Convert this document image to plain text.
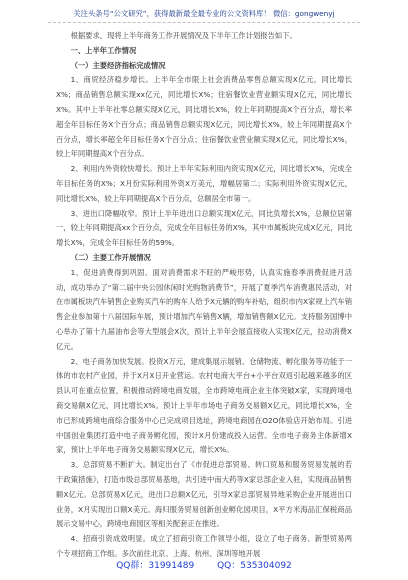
关注头条号“公文研究”，获得最新最全最专业的公文资料库！ 微信：gongwenyj

根据要求，现将上半年商务工作开展情况及下半年工作计划报告如下。

一、上半年工作情况

（一）主要经济指标完成情况

1、商贸经济稳步增长。上半年全市限上社会消费品零售总额实现X亿元，同比增长X%；商品销售总额实现xx亿元，同比增长X%；住宿餐饮业营业额实现X亿元，同比增长X%。其中上半年社零总额实现X亿元，同比增长X%，较上年同期提高X个百分点，增长率超全年目标任务X个百分点；商品销售总额实现X亿元，同比增长X%，较上年同期提高X个百分点，增长率超全年目标任务X个百分点；住宿餐饮业营业额实现X亿元，同比增长X%，较上年同期提高X个百分点。

2、利用内外资较快增长。预计上半年实际利用内资实现X亿元，同比增长X%，完成全年目标任务的X%；X月份实际利用外资X万美元，增幅居第二；实际利用外资实现X亿元，同比增长X%，较上年同期提高X个百分点，总额居全市第一。

3、进出口降幅收窄。预计上半年进出口总额实现X亿元，同比负增长X%，总额位居第一，较上年同期提高xx个百分点，完成全年目标任务的X%，其中市属板块完成X亿元，同比增长X%，完成全年目标任务的59%。

（二）主要工作开展情况

1、促进消费得到巩固。面对消费需求不旺的严峻形势，认真实施春季消费促进月活动，成功举办了“第二届中央公园休闲时光购物消费节”，开展了夏季汽车消费惠民活动，对在市属板块汽车销售企业购买汽车的购车人给予X元辆的购车补贴，组织市内X家规上汽车销售企业参加第十八届国际车展，预计增加汽车销售X辆，增加销售额X亿元。支持服务国博中心举办了第十九届油布会等大型展会X次，预计上半年会展直接收入实现X亿元，拉动消费X亿元。

2、电子商务加快发展。投资X万元，建成集展示展销、仓储物流、孵化服务等功能于一体的市农村产业园，并于X月X日开业营运。农村电商大平台+小平台双返引起越来越多的区县认可在重点位置，积极推动跨境电商发展，全市跨境电商企业主体突破X家，实现跨境电商交易额X亿元，同比增长X%。预计上半年市场电子商务交易额X亿元，同比增长X%，全市已形成跨境电商综合服务中心已完成项目选址，跨境电商园在O2O体验店开始布局。引进中国创业集团打造中电子商务孵化园，预计X月份建成投入运营。全市电子商务主体新增X家，预计上半年电子商务交易额实现X亿元，增长X%。

3、总部贸易不断扩大。制定出台了《市促进总部贸易、转口贸易和服务贸易发展的若干政策措施》，打造市级总部贸易基地，共引进中南大药等X家总部企业入驻，实现商品销售额X亿元。总部贸易X亿元，进出口总额X亿元，引导X家总部贸易异地采购企业开展进出口业务，X月实现出口额X美元。海归服务贸易创新创业孵化园项目，X平方米海品汇保税商品展示交易中心，跨境电商园区等相关配套正在推进。

4、招商引资成效明显。成立了招商引资工作领导小组，设立了电子商务、新型贸易两个专项招商工作组。多次前往北京、上海、杭州、深圳等地开展

QQ群：31991489	QQ：535304092
